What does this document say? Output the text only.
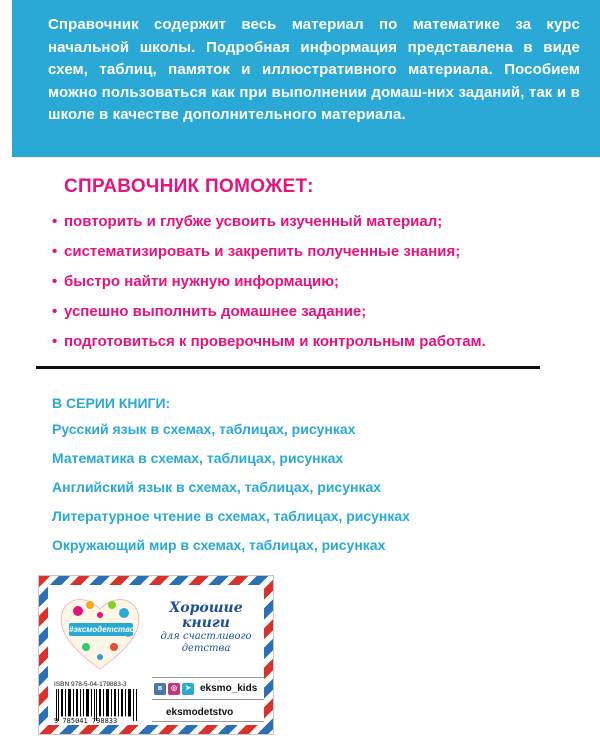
Справочник содержит весь материал по математике за курс начальной школы. Подробная информация представлена в виде схем, таблиц, памяток и иллюстративного материала. Пособием можно пользоваться как при выполнении домаш-них заданий, так и в школе в качестве дополнительного материала.

СПРАВОЧНИК ПОМОЖЕТ:
• повторить и глубже усвоить изученный материал;
• систематизировать и закрепить полученные знания;
• быстро найти нужную информацию;
• успешно выполнить домашнее задание;
• подготовиться к проверочным и контрольным работам.
В СЕРИИ КНИГИ:
Русский язык в схемах, таблицах, рисунках
Математика в схемах, таблицах, рисунках
Английский язык в схемах, таблицах, рисунках
Литературное чтение в схемах, таблицах, рисунках
Окружающий мир в схемах, таблицах, рисунках
#эксмодетство
Хорошие
книги
для счастливого
детства
ISBN 978-5-04-179883-3
9 785041 798833
в	◎	➤ eksmo_kids
eksmodetstvo
